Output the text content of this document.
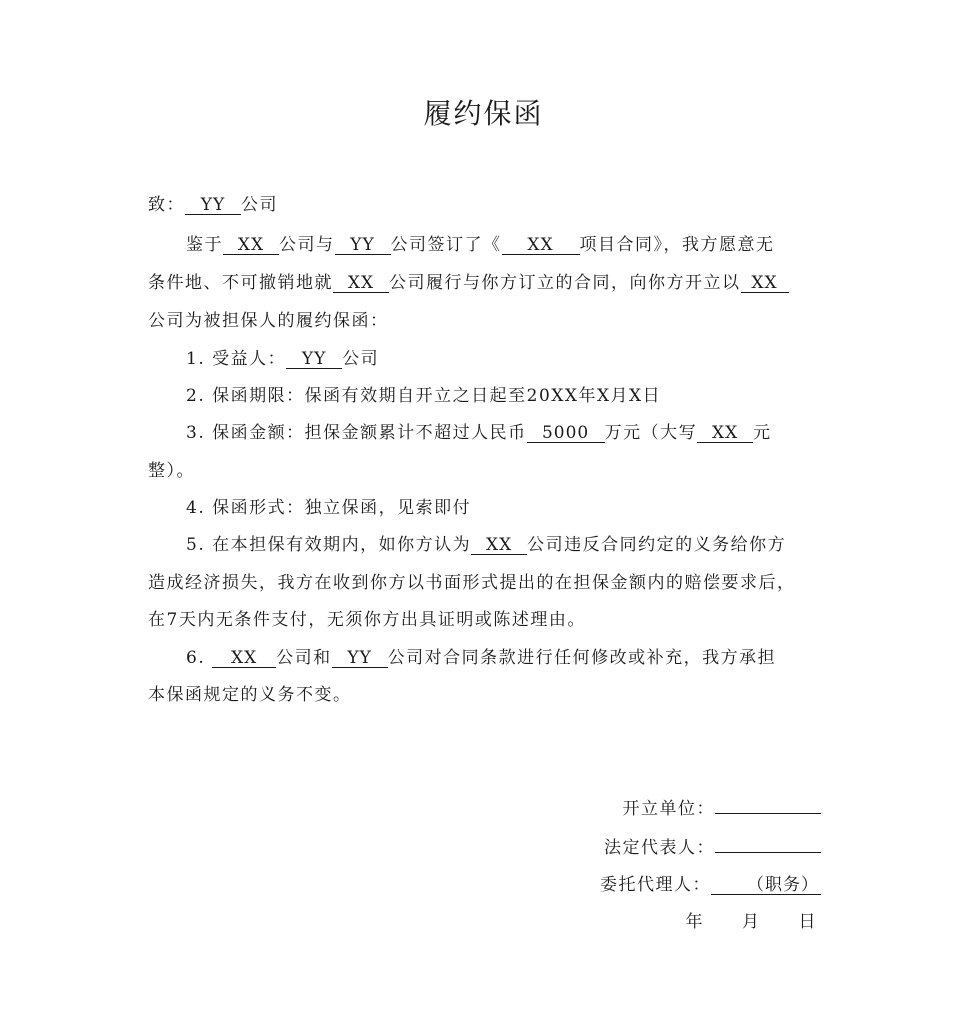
履约保函
致： YY 公司
鉴于 XX 公司与 YY 公司签订了《 XX 项目合同》，我方愿意无
条件地、不可撤销地就 XX 公司履行与你方订立的合同，向你方开立以 XX
公司为被担保人的履约保函：
1. 受益人： YY 公司
2. 保函期限：保函有效期自开立之日起至20XX年X月X日
3. 保函金额：担保金额累计不超过人民币 5000 万元（大写 XX 元
整）。
4. 保函形式：独立保函，见索即付
5. 在本担保有效期内，如你方认为 XX 公司违反合同约定的义务给你方
造成经济损失，我方在收到你方以书面形式提出的在担保金额内的赔偿要求后，
在7天内无条件支付，无须你方出具证明或陈述理由。
6. XX 公司和 YY 公司对合同条款进行任何修改或补充，我方承担
本保函规定的义务不变。
开立单位：
法定代表人：
委托代理人： （职务）
年 月 日
